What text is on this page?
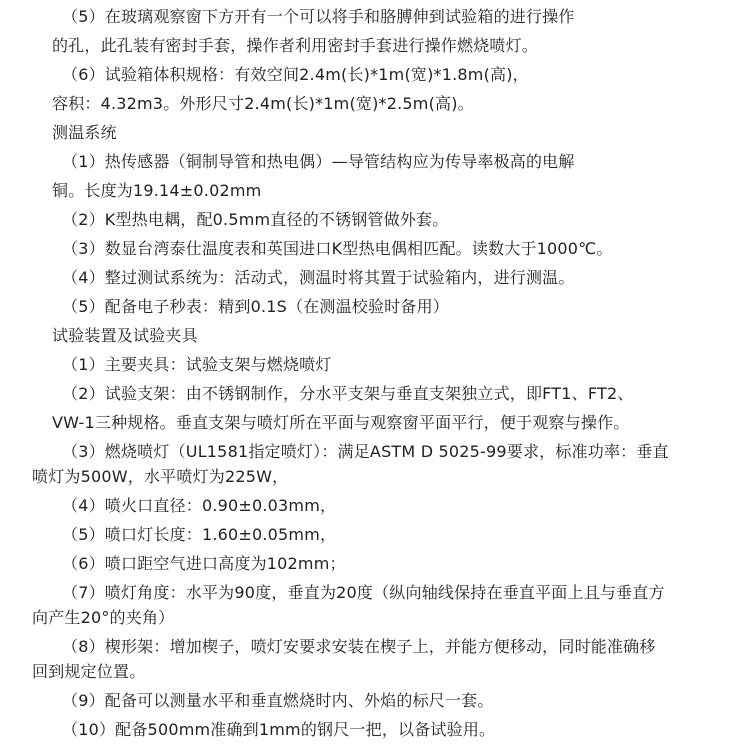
（5）在玻璃观察窗下方开有一个可以将手和胳膊伸到试验箱的进行操作
的孔，此孔装有密封手套，操作者利用密封手套进行操作燃烧喷灯。
（6）试验箱体积规格：有效空间2.4m(长)*1m(宽)*1.8m(高)，
容积：4.32m3。外形尺寸2.4m(长)*1m(宽)*2.5m(高)。
测温系统
（1）热传感器（铜制导管和热电偶）—导管结构应为传导率极高的电解
铜。长度为19.14±0.02mm
（2）K型热电耦，配0.5mm直径的不锈钢管做外套。
（3）数显台湾泰仕温度表和英国进口K型热电偶相匹配。读数大于1000℃。
（4）整过测试系统为：活动式，测温时将其置于试验箱内，进行测温。
（5）配备电子秒表：精到0.1S（在测温校验时备用）
试验装置及试验夹具
（1）主要夹具：试验支架与燃烧喷灯
（2）试验支架：由不锈钢制作，分水平支架与垂直支架独立式，即FT1、FT2、
VW-1三种规格。垂直支架与喷灯所在平面与观察窗平面平行，便于观察与操作。
（3）燃烧喷灯（UL1581指定喷灯）：满足ASTM D 5025-99要求，标准功率：垂直
喷灯为500W，水平喷灯为225W，
（4）喷火口直径：0.90±0.03mm，
（5）喷口灯长度：1.60±0.05mm，
（6）喷口距空气进口高度为102mm；
（7）喷灯角度：水平为90度，垂直为20度（纵向轴线保持在垂直平面上且与垂直方
向产生20°的夹角）
（8）楔形架：增加楔子，喷灯安要求安装在楔子上，并能方便移动，同时能准确移
回到规定位置。
（9）配备可以测量水平和垂直燃烧时内、外焰的标尺一套。
（10）配备500mm准确到1mm的钢尺一把，以备试验用。
